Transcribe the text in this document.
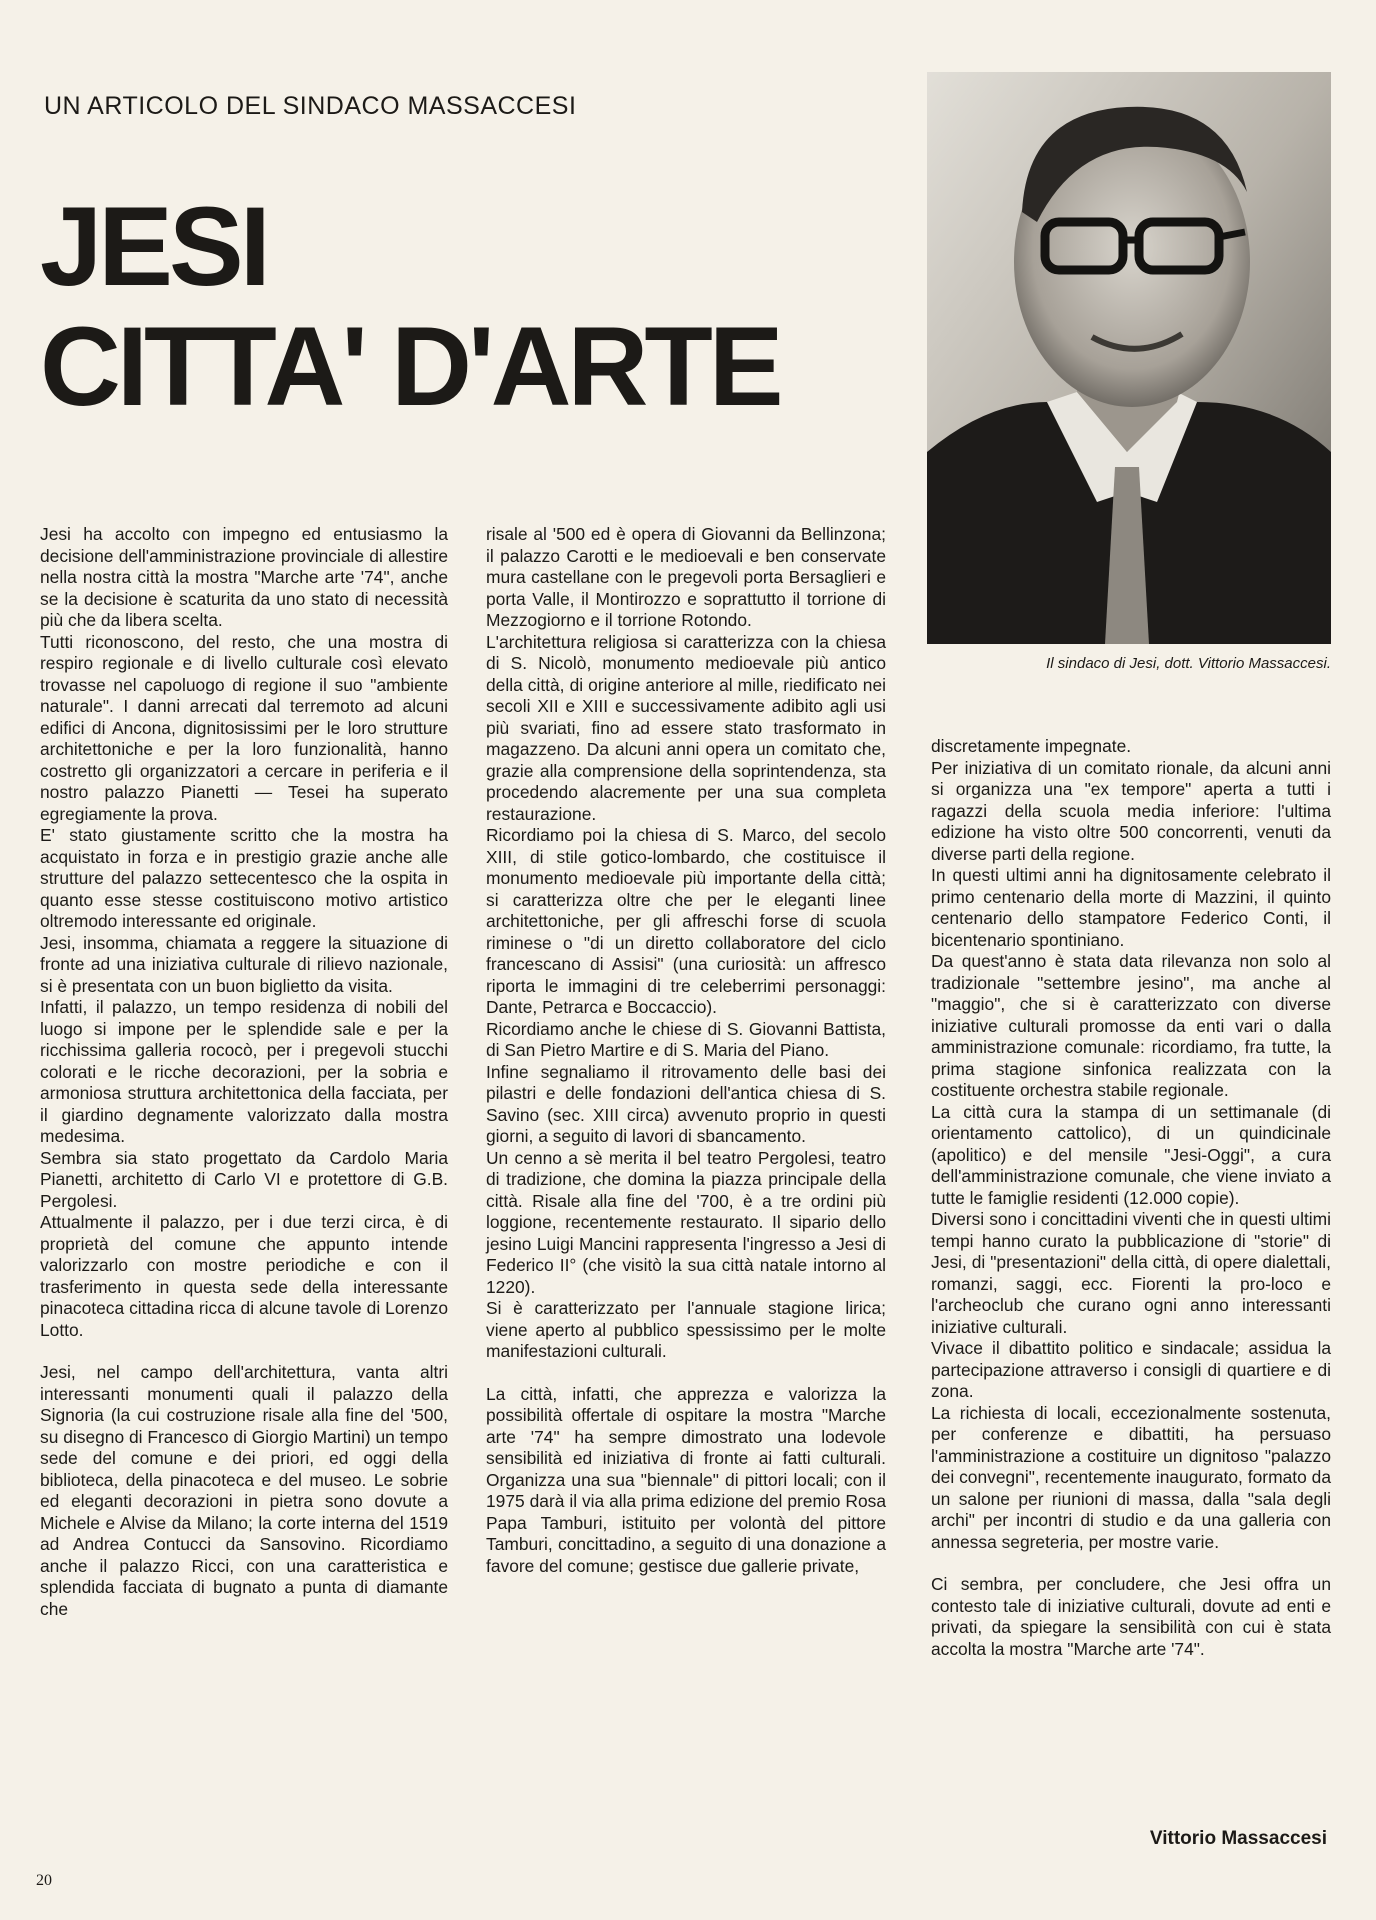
UN ARTICOLO DEL SINDACO MASSACCESI
JESI
CITTA' D'ARTE
Il sindaco di Jesi, dott. Vittorio Massaccesi.

Jesi ha accolto con impegno ed entusiasmo la decisione dell'amministrazione provinciale di allestire nella nostra città la mostra "Marche arte '74", anche se la decisione è scaturita da uno stato di necessità più che da libera scelta.

Tutti riconoscono, del resto, che una mostra di respiro regionale e di livello culturale così elevato trovasse nel capoluogo di regione il suo "ambiente naturale". I danni arrecati dal terremoto ad alcuni edifici di Ancona, dignitosissimi per le loro strutture architettoniche e per la loro funzionalità, hanno costretto gli organizzatori a cercare in periferia e il nostro palazzo Pianetti — Tesei ha superato egregiamente la prova.

E' stato giustamente scritto che la mostra ha acquistato in forza e in prestigio grazie anche alle strutture del palazzo settecentesco che la ospita in quanto esse stesse costituiscono motivo artistico oltremodo interessante ed originale.

Jesi, insomma, chiamata a reggere la situazione di fronte ad una iniziativa culturale di rilievo nazionale, si è presentata con un buon biglietto da visita.

Infatti, il palazzo, un tempo residenza di nobili del luogo si impone per le splendide sale e per la ricchissima galleria rococò, per i pregevoli stucchi colorati e le ricche decorazioni, per la sobria e armoniosa struttura architettonica della facciata, per il giardino degnamente valorizzato dalla mostra medesima.

Sembra sia stato progettato da Cardolo Maria Pianetti, architetto di Carlo VI e protettore di G.B. Pergolesi.

Attualmente il palazzo, per i due terzi circa, è di proprietà del comune che appunto intende valorizzarlo con mostre periodiche e con il trasferimento in questa sede della interessante pinacoteca cittadina ricca di alcune tavole di Lorenzo Lotto.

Jesi, nel campo dell'architettura, vanta altri interessanti monumenti quali il palazzo della Signoria (la cui costruzione risale alla fine del '500, su disegno di Francesco di Giorgio Martini) un tempo sede del comune e dei priori, ed oggi della biblioteca, della pinacoteca e del museo. Le sobrie ed eleganti decorazioni in pietra sono dovute a Michele e Alvise da Milano; la corte interna del 1519 ad Andrea Contucci da Sansovino. Ricordiamo anche il palazzo Ricci, con una caratteristica e splendida facciata di bugnato a punta di diamante che

risale al '500 ed è opera di Giovanni da Bellinzona; il palazzo Carotti e le medioevali e ben conservate mura castellane con le pregevoli porta Bersaglieri e porta Valle, il Montirozzo e soprattutto il torrione di Mezzogiorno e il torrione Rotondo.

L'architettura religiosa si caratterizza con la chiesa di S. Nicolò, monumento medioevale più antico della città, di origine anteriore al mille, riedificato nei secoli XII e XIII e successivamente adibito agli usi più svariati, fino ad essere stato trasformato in magazzeno. Da alcuni anni opera un comitato che, grazie alla comprensione della soprintendenza, sta procedendo alacremente per una sua completa restaurazione.

Ricordiamo poi la chiesa di S. Marco, del secolo XIII, di stile gotico-lombardo, che costituisce il monumento medioevale più importante della città; si caratterizza oltre che per le eleganti linee architettoniche, per gli affreschi forse di scuola riminese o "di un diretto collaboratore del ciclo francescano di Assisi" (una curiosità: un affresco riporta le immagini di tre celeberrimi personaggi: Dante, Petrarca e Boccaccio).

Ricordiamo anche le chiese di S. Giovanni Battista, di San Pietro Martire e di S. Maria del Piano.

Infine segnaliamo il ritrovamento delle basi dei pilastri e delle fondazioni dell'antica chiesa di S. Savino (sec. XIII circa) avvenuto proprio in questi giorni, a seguito di lavori di sbancamento.

Un cenno a sè merita il bel teatro Pergolesi, teatro di tradizione, che domina la piazza principale della città. Risale alla fine del '700, è a tre ordini più loggione, recentemente restaurato. Il sipario dello jesino Luigi Mancini rappresenta l'ingresso a Jesi di Federico II° (che visitò la sua città natale intorno al 1220).

Si è caratterizzato per l'annuale stagione lirica; viene aperto al pubblico spessissimo per le molte manifestazioni culturali.

La città, infatti, che apprezza e valorizza la possibilità offertale di ospitare la mostra "Marche arte '74" ha sempre dimostrato una lodevole sensibilità ed iniziativa di fronte ai fatti culturali. Organizza una sua "biennale" di pittori locali; con il 1975 darà il via alla prima edizione del premio Rosa Papa Tamburi, istituito per volontà del pittore Tamburi, concittadino, a seguito di una donazione a favore del comune; gestisce due gallerie private,

discretamente impegnate.

Per iniziativa di un comitato rionale, da alcuni anni si organizza una "ex tempore" aperta a tutti i ragazzi della scuola media inferiore: l'ultima edizione ha visto oltre 500 concorrenti, venuti da diverse parti della regione.

In questi ultimi anni ha dignitosamente celebrato il primo centenario della morte di Mazzini, il quinto centenario dello stampatore Federico Conti, il bicentenario spontiniano.

Da quest'anno è stata data rilevanza non solo al tradizionale "settembre jesino", ma anche al "maggio", che si è caratterizzato con diverse iniziative culturali promosse da enti vari o dalla amministrazione comunale: ricordiamo, fra tutte, la prima stagione sinfonica realizzata con la costituente orchestra stabile regionale.

La città cura la stampa di un settimanale (di orientamento cattolico), di un quindicinale (apolitico) e del mensile "Jesi-Oggi", a cura dell'amministrazione comunale, che viene inviato a tutte le famiglie residenti (12.000 copie).

Diversi sono i concittadini viventi che in questi ultimi tempi hanno curato la pubblicazione di "storie" di Jesi, di "presentazioni" della città, di opere dialettali, romanzi, saggi, ecc. Fiorenti la pro-loco e l'archeoclub che curano ogni anno interessanti iniziative culturali.

Vivace il dibattito politico e sindacale; assidua la partecipazione attraverso i consigli di quartiere e di zona.

La richiesta di locali, eccezionalmente sostenuta, per conferenze e dibattiti, ha persuaso l'amministrazione a costituire un dignitoso "palazzo dei convegni", recentemente inaugurato, formato da un salone per riunioni di massa, dalla "sala degli archi" per incontri di studio e da una galleria con annessa segreteria, per mostre varie.

Ci sembra, per concludere, che Jesi offra un contesto tale di iniziative culturali, dovute ad enti e privati, da spiegare la sensibilità con cui è stata accolta la mostra "Marche arte '74".

Vittorio Massaccesi
20
